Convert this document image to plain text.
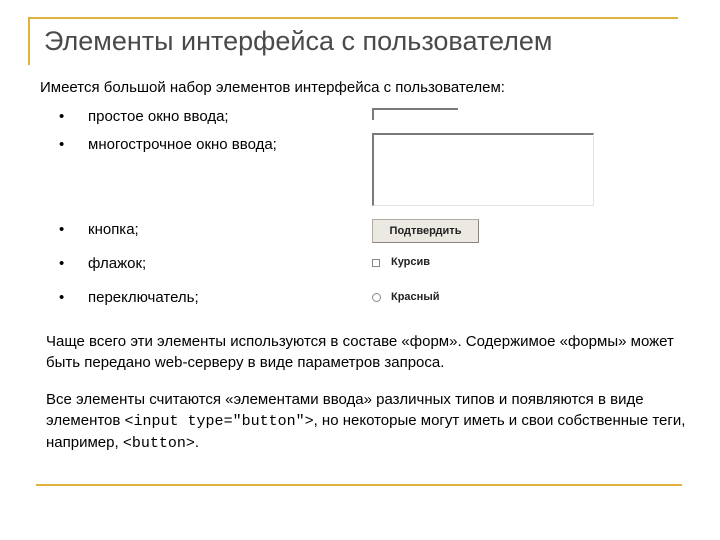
Элементы интерфейса с пользователем
Имеется большой набор элементов интерфейса с пользователем:
• простое окно ввода;
• многострочное окно ввода;
• кнопка;
• флажок;
• переключатель;
Подтвердить
Курсив
Красный
Чаще всего эти элементы используются в составе «форм». Содержимое «формы» может быть передано web-серверу в виде параметров запроса.
Все элементы считаются «элементами ввода» различных типов и появляются в виде элементов <input type="button">, но некоторые могут иметь и свои собственные теги, например, <button>.
